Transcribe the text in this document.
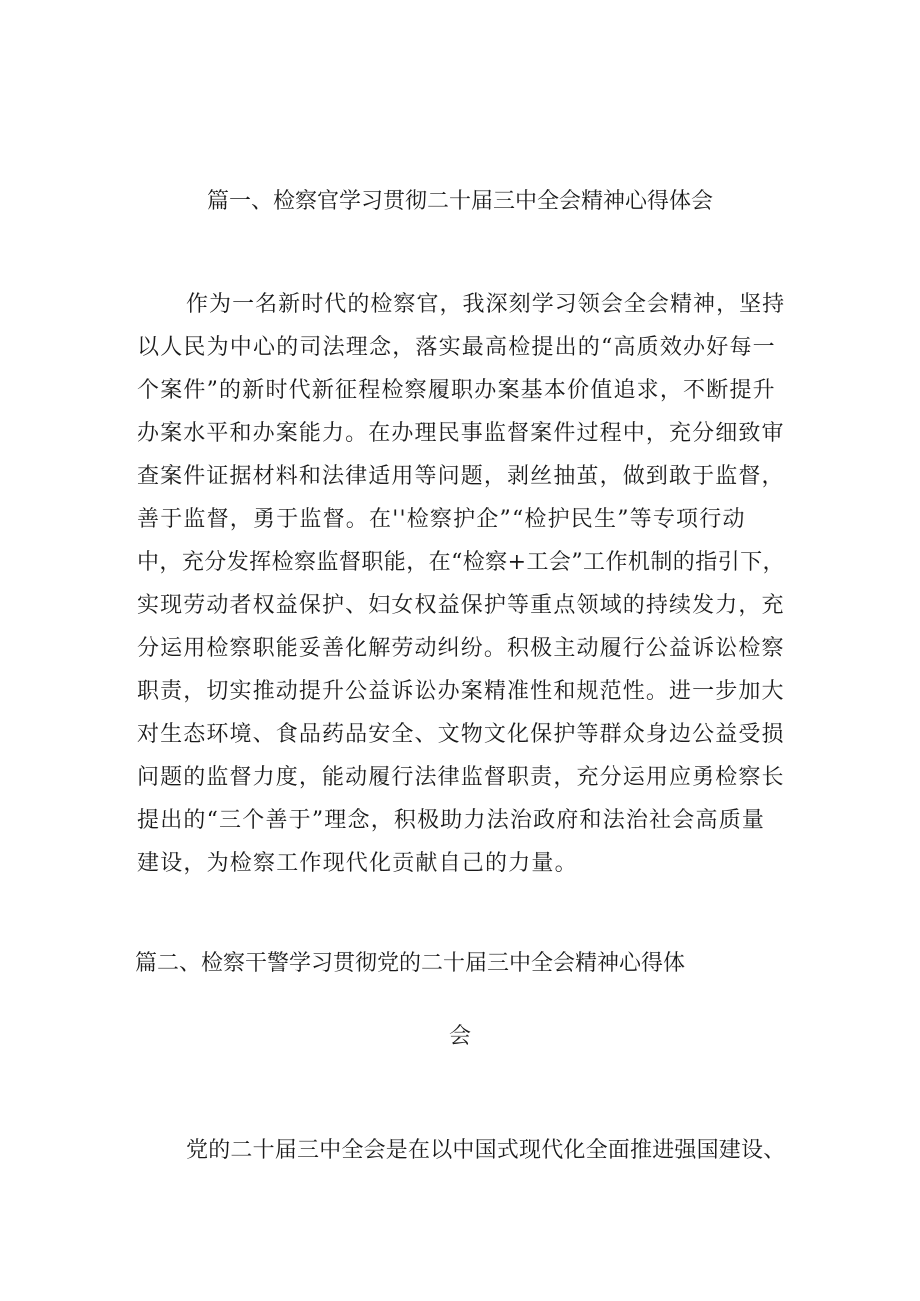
篇一、检察官学习贯彻二十届三中全会精神心得体会
作为一名新时代的检察官，我深刻学习领会全会精神，坚持
以人民为中心的司法理念，落实最高检提出的“高质效办好每一
个案件”的新时代新征程检察履职办案基本价值追求，不断提升
办案水平和办案能力。在办理民事监督案件过程中，充分细致审
查案件证据材料和法律适用等问题，剥丝抽茧，做到敢于监督，
善于监督，勇于监督。在''检察护企”“检护民生”等专项行动
中，充分发挥检察监督职能，在“检察+工会”工作机制的指引下，
实现劳动者权益保护、妇女权益保护等重点领域的持续发力，充
分运用检察职能妥善化解劳动纠纷。积极主动履行公益诉讼检察
职责，切实推动提升公益诉讼办案精准性和规范性。进一步加大
对生态环境、食品药品安全、文物文化保护等群众身边公益受损
问题的监督力度，能动履行法律监督职责，充分运用应勇检察长
提出的“三个善于”理念，积极助力法治政府和法治社会高质量
建设，为检察工作现代化贡献自己的力量。
篇二、检察干警学习贯彻党的二十届三中全会精神心得体
会
党的二十届三中全会是在以中国式现代化全面推进强国建设、
